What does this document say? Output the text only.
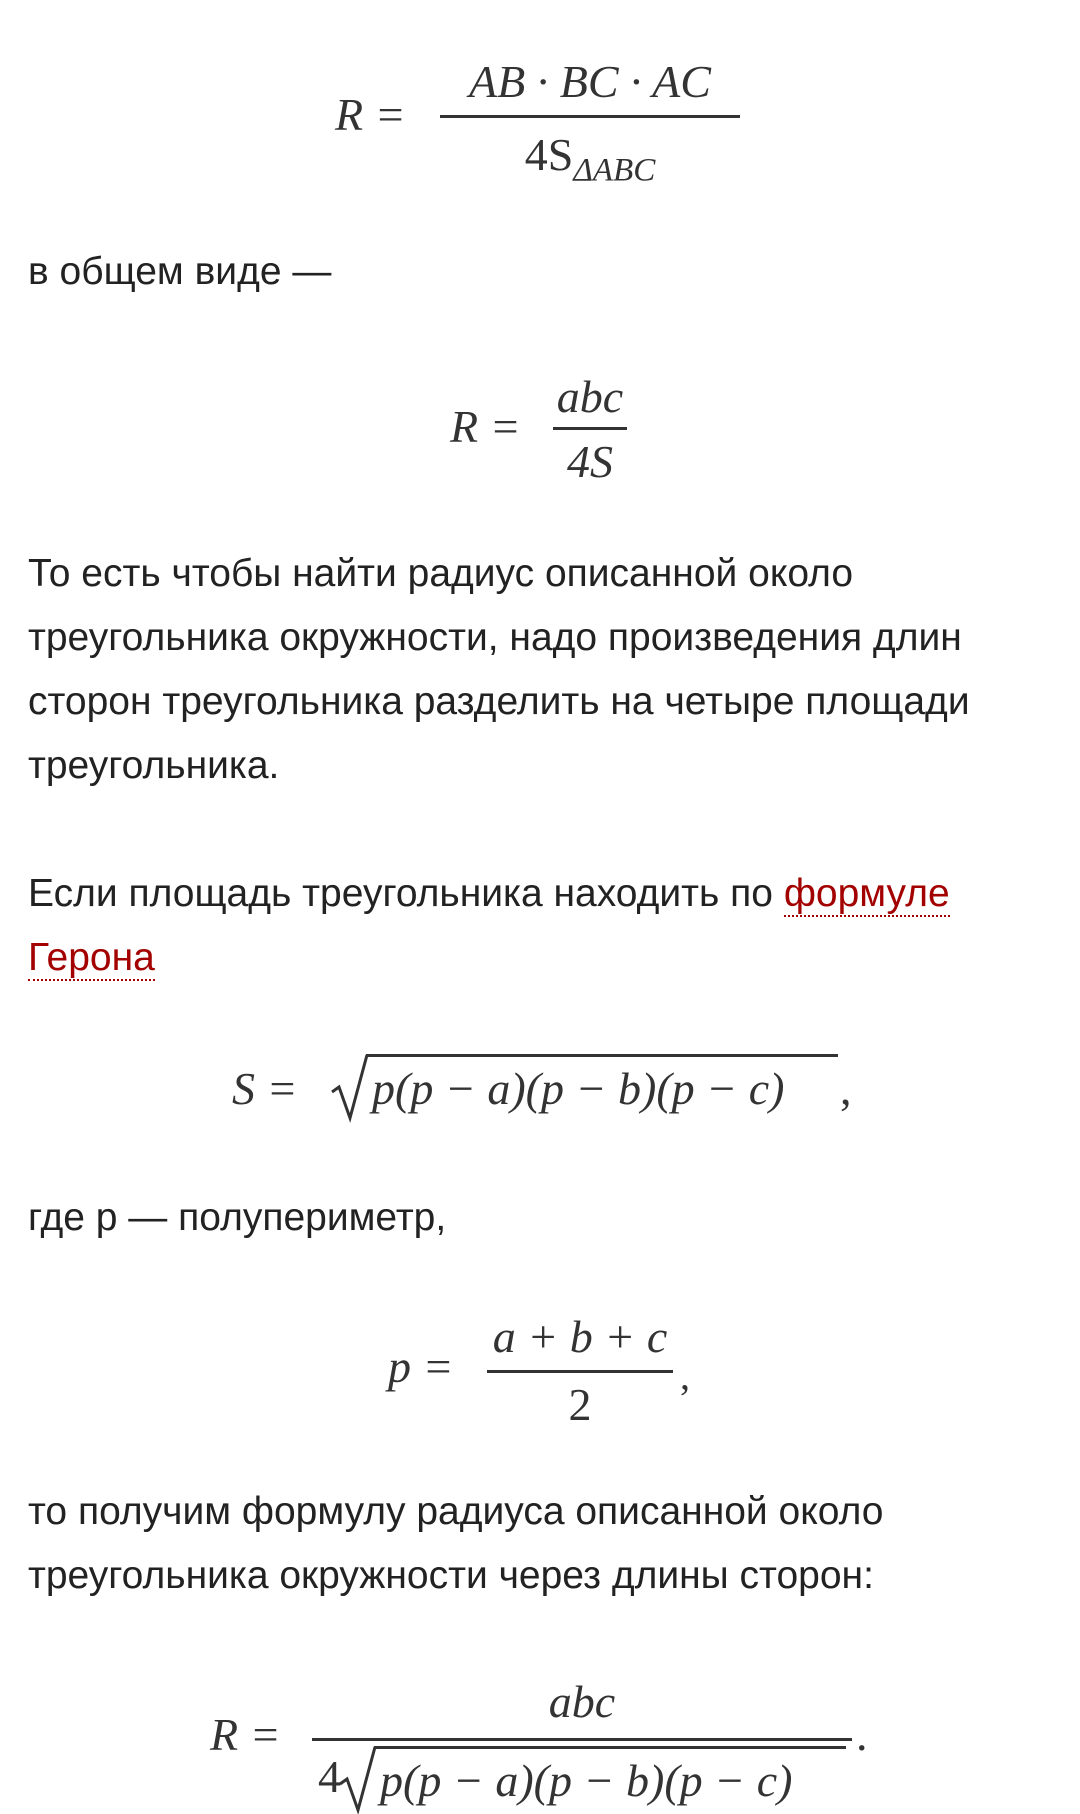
R =
AB · BC · AC
$4S_{\Delta ABC}$

в общем виде —

R =
abc
4S

То есть чтобы найти радиус описанной около треугольника окружности, надо произведения длин сторон треугольника разделить на четыре площади треугольника.

Если площадь треугольника находить по формуле Герона

S = p(p − a)(p − b)(p − c) ,

где p — полупериметр,

p =
a + b + c
2
,

то получим формулу радиуса описанной около треугольника окружности через длины сторон:

R =
abc
4 p(p − a)(p − b)(p − c)
.
